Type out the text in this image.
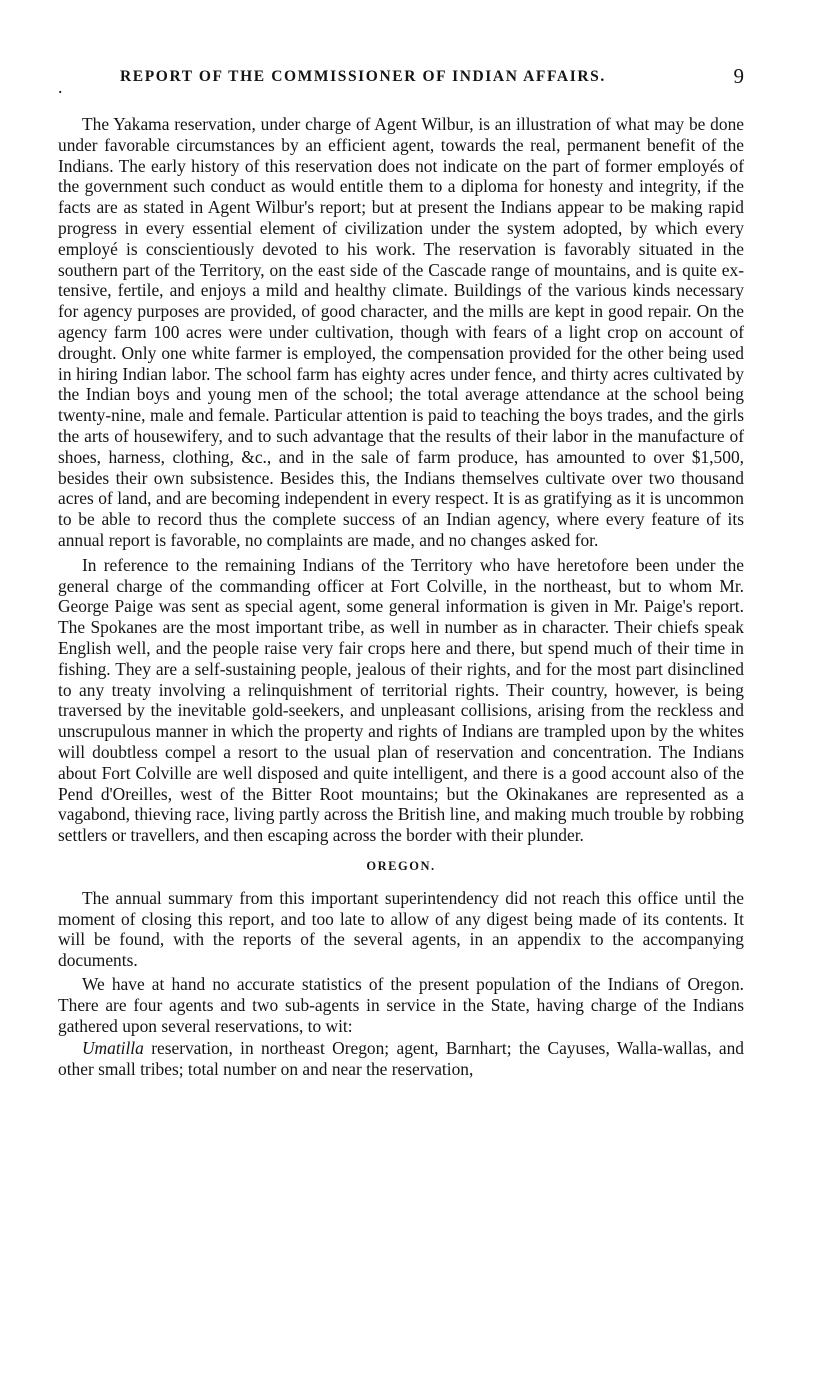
.
REPORT OF THE COMMISSIONER OF INDIAN AFFAIRS.	9

The Yakama reservation, under charge of Agent Wilbur, is an illustration of what may be done under favorable circumstances by an efficient agent, towards the real, permanent benefit of the Indians. The early history of this reservation does not indicate on the part of former employés of the government such conduct as would entitle them to a diploma for honesty and integrity, if the facts are as stated in Agent Wilbur's report; but at present the Indians appear to be making rapid progress in every essential element of civilization under the system adopted, by which every employé is conscientiously devoted to his work. The reservation is favorably situated in the southern part of the Territory, on the east side of the Cascade range of mountains, and is quite extensive, fertile, and enjoys a mild and healthy climate. Buildings of the various kinds necessary for agency purposes are provided, of good character, and the mills are kept in good repair. On the agency farm 100 acres were under cultivation, though with fears of a light crop on account of drought. Only one white farmer is employed, the compensation provided for the other being used in hiring Indian labor. The school farm has eighty acres under fence, and thirty acres cultivated by the Indian boys and young men of the school; the total average attendance at the school being twenty-nine, male and female. Particular attention is paid to teaching the boys trades, and the girls the arts of housewifery, and to such advantage that the results of their labor in the manufacture of shoes, harness, clothing, &c., and in the sale of farm produce, has amounted to over $1,500, besides their own subsistence. Besides this, the Indians themselves cultivate over two thousand acres of land, and are becoming independent in every respect. It is as gratifying as it is uncommon to be able to record thus the complete success of an Indian agency, where every feature of its annual report is favorable, no complaints are made, and no changes asked for.

In reference to the remaining Indians of the Territory who have heretofore been under the general charge of the commanding officer at Fort Colville, in the northeast, but to whom Mr. George Paige was sent as special agent, some general information is given in Mr. Paige's report. The Spokanes are the most important tribe, as well in number as in character. Their chiefs speak English well, and the people raise very fair crops here and there, but spend much of their time in fishing. They are a self-sustaining people, jealous of their rights, and for the most part disinclined to any treaty involving a relinquishment of territorial rights. Their country, however, is being traversed by the inevitable gold-seekers, and unpleasant collisions, arising from the reckless and unscrupulous manner in which the property and rights of Indians are trampled upon by the whites will doubtless compel a resort to the usual plan of reservation and concentration. The Indians about Fort Colville are well disposed and quite intelligent, and there is a good account also of the Pend d'Oreilles, west of the Bitter Root mountains; but the Okinakanes are represented as a vagabond, thieving race, living partly across the British line, and making much trouble by robbing settlers or travellers, and then escaping across the border with their plunder.

OREGON.

The annual summary from this important superintendency did not reach this office until the moment of closing this report, and too late to allow of any digest being made of its contents. It will be found, with the reports of the several agents, in an appendix to the accompanying documents.

We have at hand no accurate statistics of the present population of the Indians of Oregon. There are four agents and two sub-agents in service in the State, having charge of the Indians gathered upon several reservations, to wit:

Umatilla reservation, in northeast Oregon; agent, Barnhart; the Cayuses, Walla-wallas, and other small tribes; total number on and near the reservation,
